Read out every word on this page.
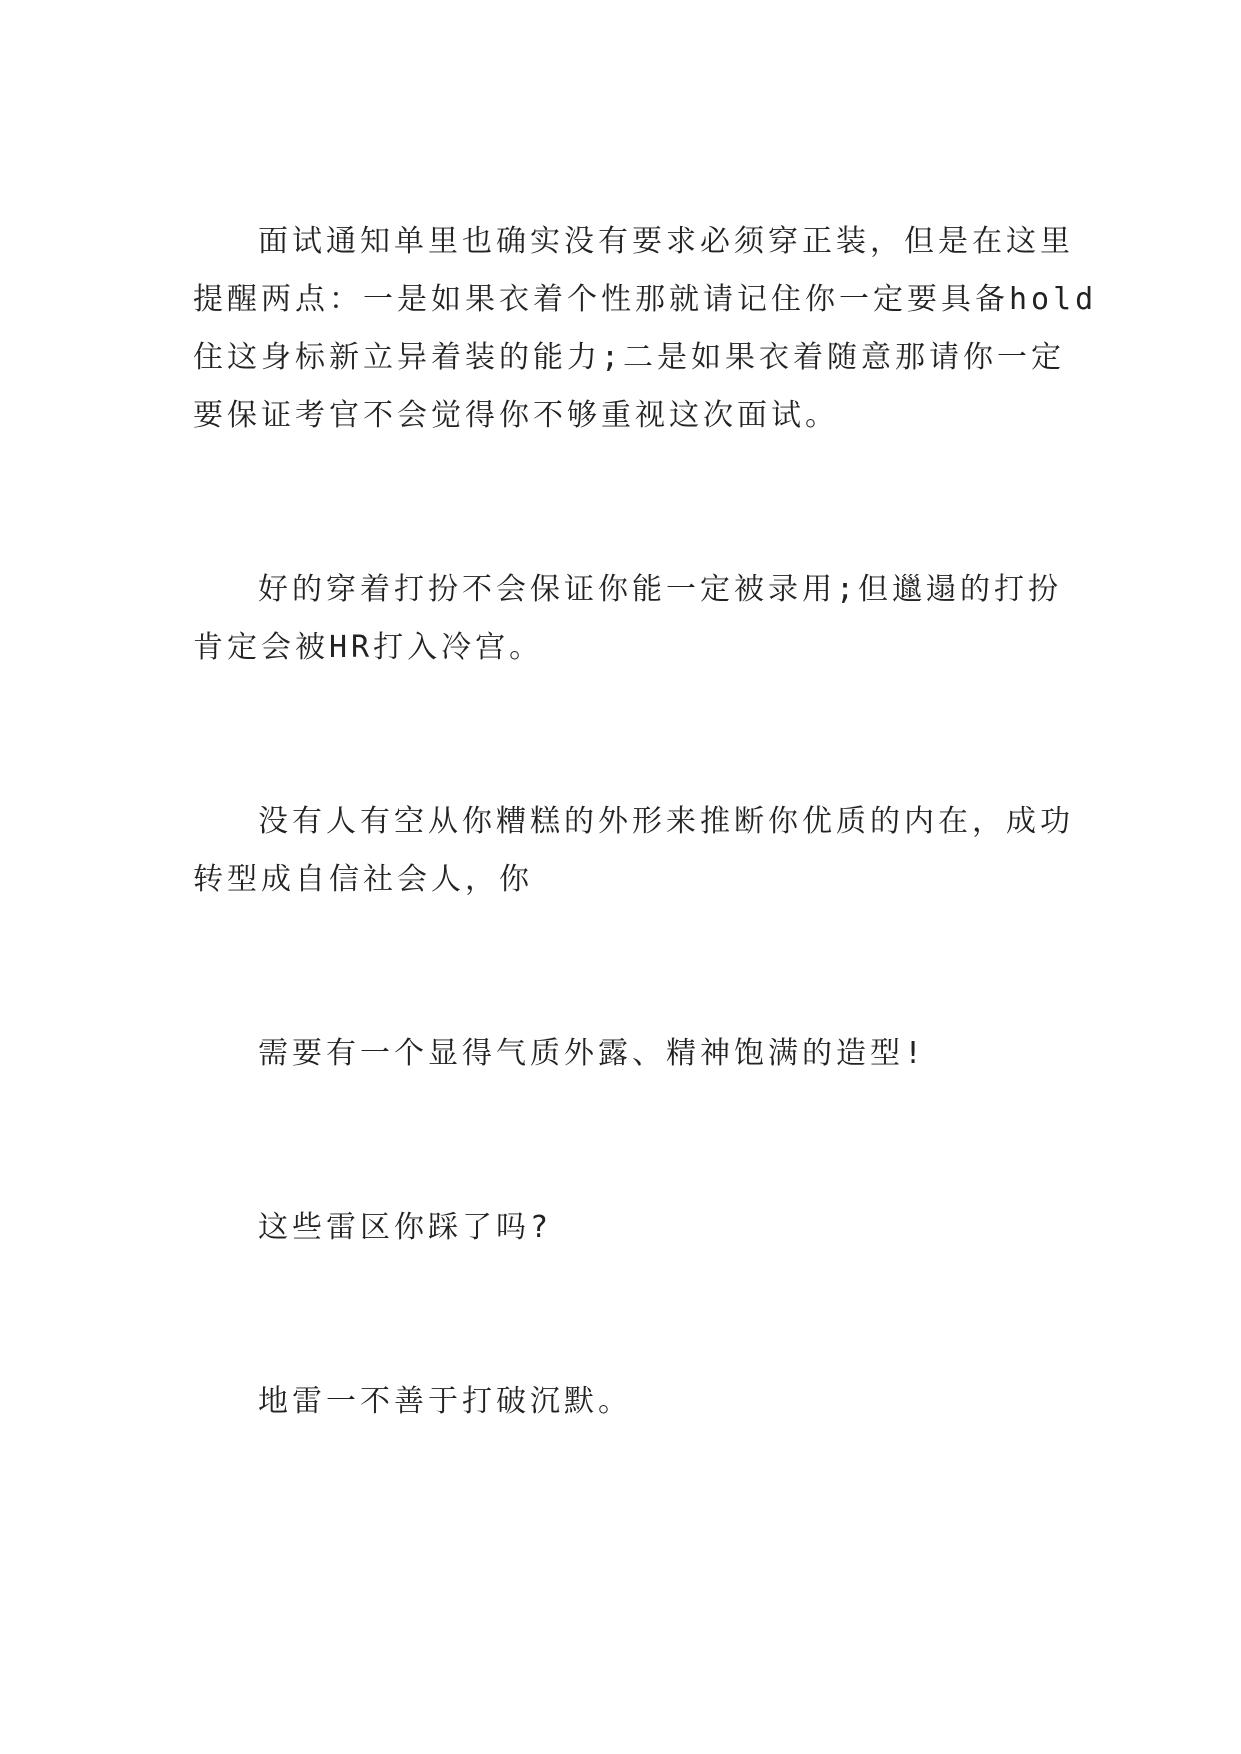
面试通知单里也确实没有要求必须穿正装，但是在这里
提醒两点：一是如果衣着个性那就请记住你一定要具备hold
住这身标新立异着装的能力;二是如果衣着随意那请你一定
要保证考官不会觉得你不够重视这次面试。
好的穿着打扮不会保证你能一定被录用;但邋遢的打扮
肯定会被HR打入冷宫。
没有人有空从你糟糕的外形来推断你优质的内在，成功
转型成自信社会人，你
需要有一个显得气质外露、精神饱满的造型!
这些雷区你踩了吗?
地雷一不善于打破沉默。
